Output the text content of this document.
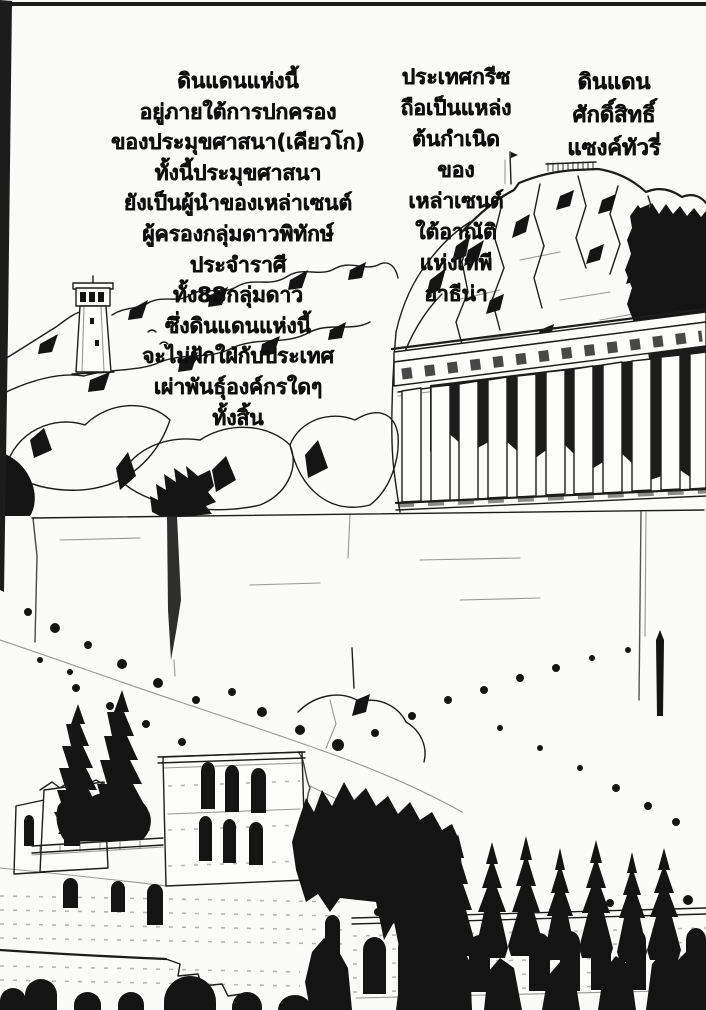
ดินแดนแห่งนี้
อยู่ภายใต้การปกครอง
ของประมุขศาสนา(เคียวโก)
ทั้งนี้ประมุขศาสนา
ยังเป็นผู้นำของเหล่าเซนต์
ผู้ครองกลุ่มดาวพิทักษ์
ประจำราศี
ทั้ง88กลุ่มดาว
ซึ่งดินแดนแห่งนี้
จะไม่ฝักใฝ่กับประเทศ
เผ่าพันธุ์องค์กรใดๆ
ทั้งสิ้น
ประเทศกรีซ
ถือเป็นแหล่ง
ต้นกำเนิด
ของ
เหล่าเซนต์
ใต้อาณัติ
แห่งเทพี
อาธีน่า
ดินแดน
ศักดิ์สิทธิ์
แซงค์ทัวรี่
